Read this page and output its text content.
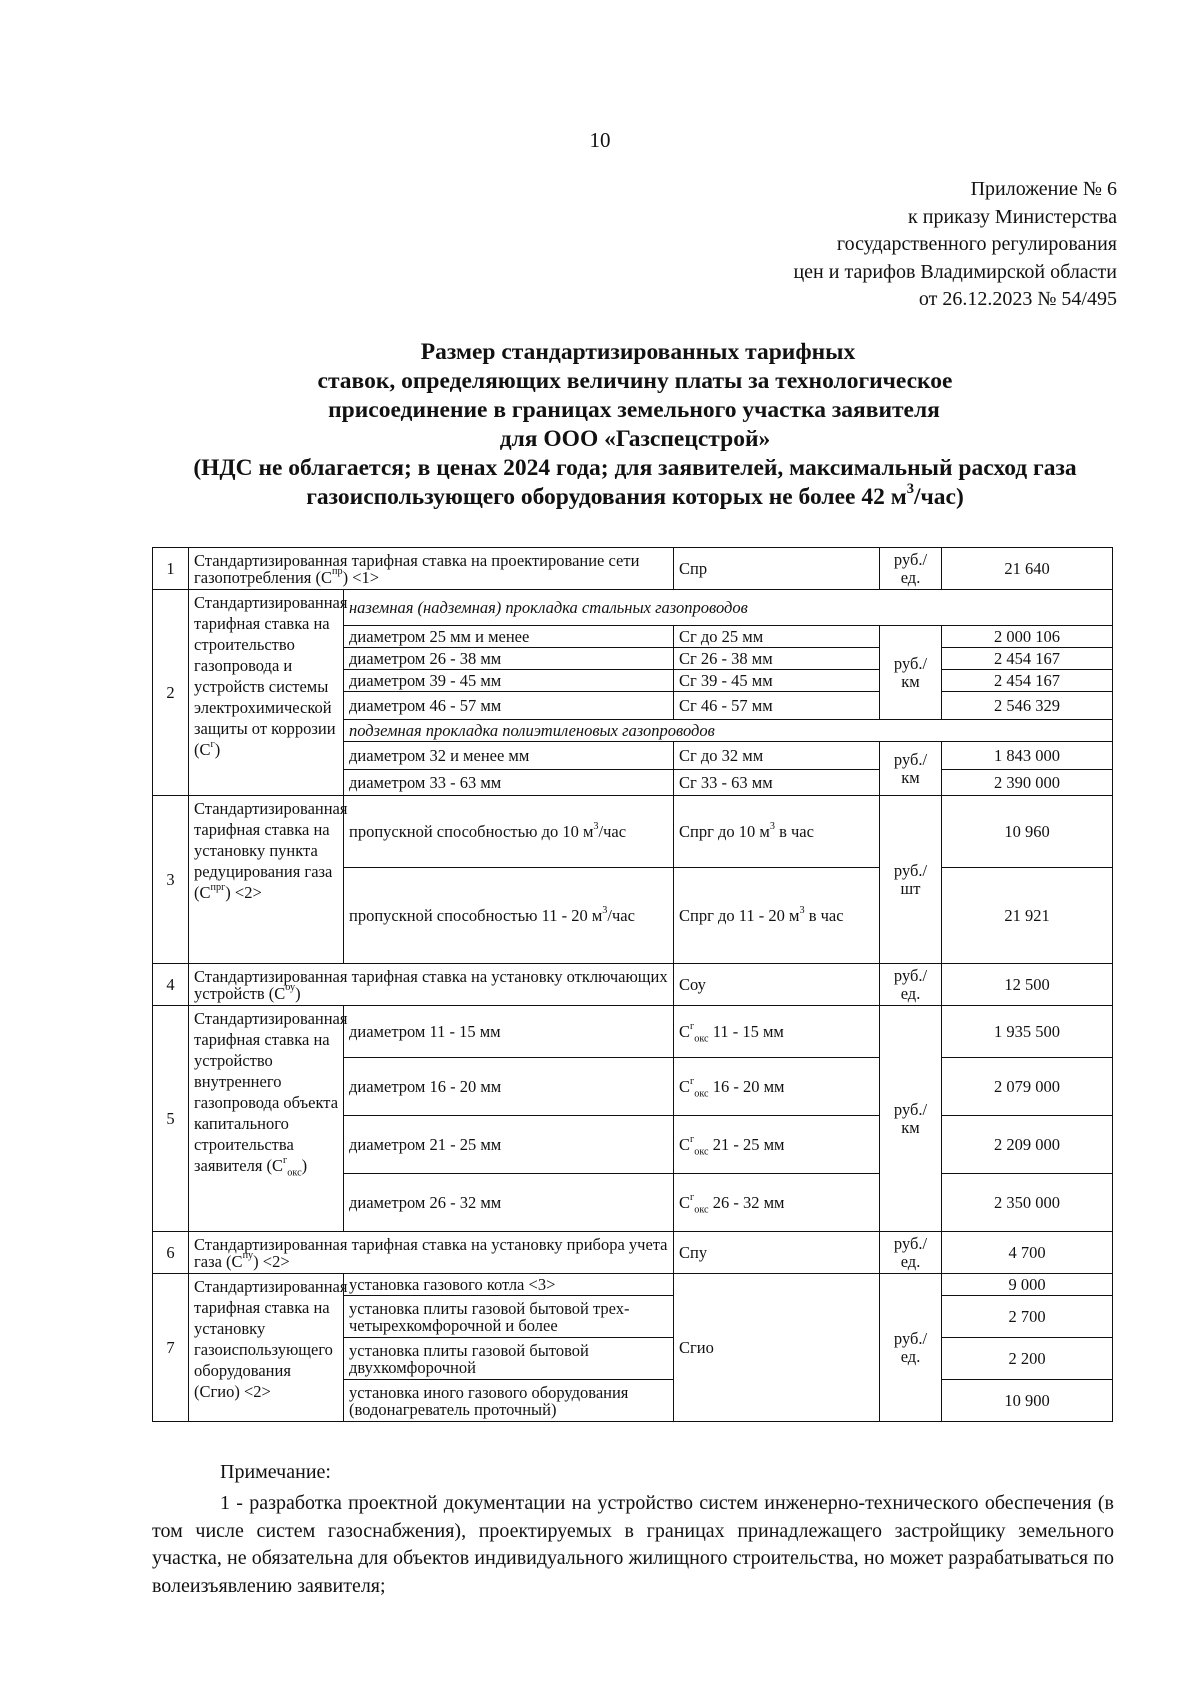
10
Приложение № 6
к приказу Министерства
государственного регулирования
цен и тарифов Владимирской области
от 26.12.2023 № 54/495
Размер стандартизированных тарифных
ставок, определяющих величину платы за технологическое
присоединение в границах земельного участка заявителя
для ООО «Газспецстрой»
(НДС не облагается; в ценах 2024 года; для заявителей, максимальный расход газа
газоиспользующего оборудования которых не более 42 $м^3/час$)
1	Стандартизированная тарифная ставка на проектирование сети газопотребления $(С^{пр}) <1>$		Спр	руб./ ед.	21 640
2	Стандартизированная тарифная ставка на строительство газопровода и устройств системы электрохимической защиты от коррозии $(С^г)$	наземная (надземная) прокладка стальных газопроводов			
		диаметром 25 мм и менее	Сг до 25 мм	руб./ км	2 000 106
		диаметром 26 - 38 мм	Сг 26 - 38 мм		2 454 167
		диаметром 39 - 45 мм	Сг 39 - 45 мм		2 454 167
		диаметром 46 - 57 мм	Сг 46 - 57 мм		2 546 329
		подземная прокладка полиэтиленовых газопроводов			
		диаметром 32 и менее мм	Сг до 32 мм	руб./ км	1 843 000
		диаметром 33 - 63 мм	Сг 33 - 63 мм		2 390 000

3	Стандартизированная тарифная ставка на установку пункта редуцирования газа $(С^{прг}) <2>$	пропускной способностью до 10 $м^3$/час	Спрг до 10 $м^3$ в час	руб./ шт	10 960
		пропускной способностью 11 - 20 $м^3$/час	Спрг до 11 - 20 $м^3$ в час		21 921
4	Стандартизированная тарифная ставка на установку отключающих устройств $(С^{оу})$		Соу	руб./ ед.	12 500
5	Стандартизированная тарифная ставка на устройство внутреннего газопровода объекта капитального строительства заявителя $(С^г_{окс})$	диаметром 11 - 15 мм	$С^г_{окс}$ 11 - 15 мм	руб./ км	1 935 500
		диаметром 16 - 20 мм	$С^г_{окс}$ 16 - 20 мм		2 079 000
		диаметром 21 - 25 мм	$С^г_{окс}$ 21 - 25 мм		2 209 000
		диаметром 26 - 32 мм	$С^г_{окс}$ 26 - 32 мм		2 350 000
6	Стандартизированная тарифная ставка на установку прибора учета газа $(С^{пу}) <2>$		Спу	руб./ ед.	4 700
7	Стандартизированная тарифная ставка на установку газоиспользующего оборудования (Сгио) <2>	установка газового котла <3>	Сгио	руб./ ед.	9 000
		установка плиты газовой бытовой трех-четырехкомфорочной и более			2 700
		установка плиты газовой бытовой двухкомфорочной			2 200
		установка иного газового оборудования (водонагреватель проточный)			10 900
Примечание:
1 - разработка проектной документации на устройство систем инженерно-технического обеспечения (в том числе систем газоснабжения), проектируемых в границах принадлежащего застройщику земельного участка, не обязательна для объектов индивидуального жилищного строительства, но может разрабатываться по волеизъявлению заявителя;
